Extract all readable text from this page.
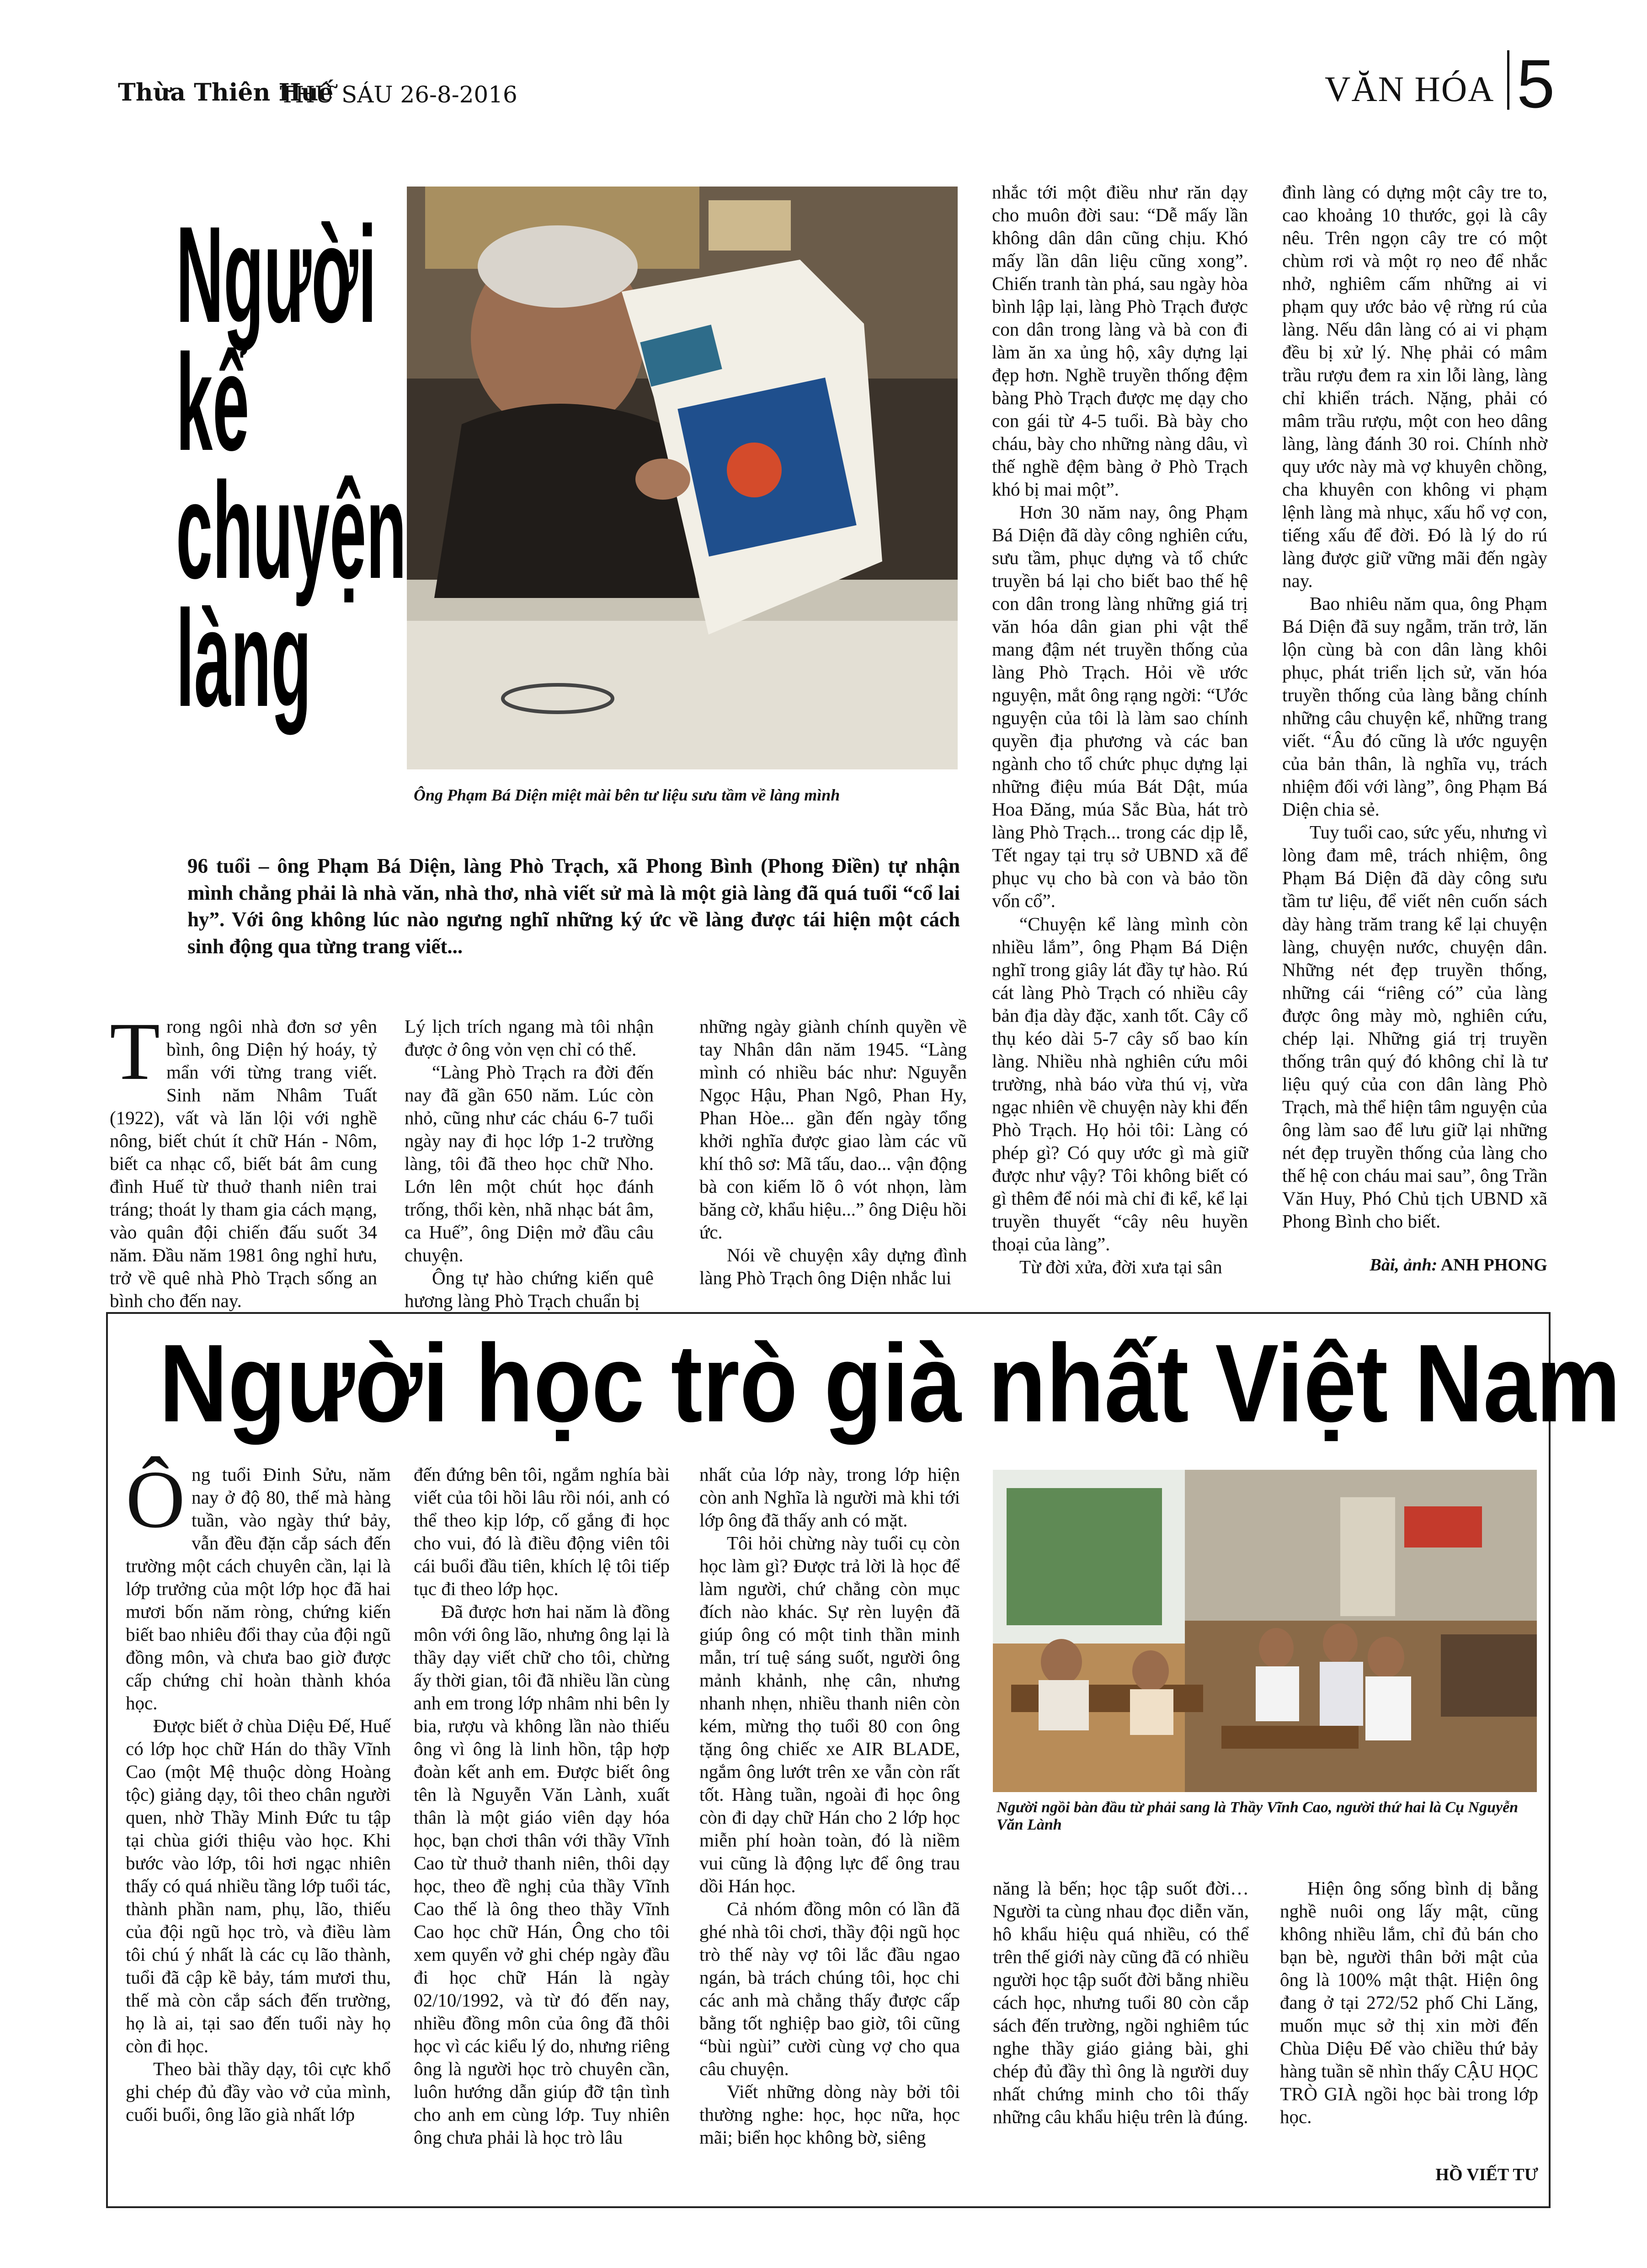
Thừa Thiên Huế
THỨ SÁU 26-8-2016	VĂN HÓA 5
Người
kể
chuyện
làng
Ông Phạm Bá Diện miệt mài bên tư liệu sưu tầm về làng mình
96 tuổi – ông Phạm Bá Diện, làng Phò Trạch, xã Phong Bình (Phong Điền) tự nhận mình chẳng phải là nhà văn, nhà thơ, nhà viết sử mà là một già làng đã quá tuổi “cổ lai hy”. Với ông không lúc nào ngưng nghĩ những ký ức về làng được tái hiện một cách sinh động qua từng trang viết...
T rong ngôi nhà đơn sơ yên bình, ông Diện hý hoáy, tỷ mẩn với từng trang viết. Sinh năm Nhâm Tuất (1922), vất và lăn lội với nghề nông, biết chút ít chữ Hán - Nôm, biết ca nhạc cổ, biết bát âm cung đình Huế từ thuở thanh niên trai tráng; thoát ly tham gia cách mạng, vào quân đội chiến đấu suốt 34 năm. Đầu năm 1981 ông nghỉ hưu, trở về quê nhà Phò Trạch sống an bình cho đến nay.

Lý lịch trích ngang mà tôi nhận được ở ông vỏn vẹn chỉ có thế.

“Làng Phò Trạch ra đời đến nay đã gần 650 năm. Lúc còn nhỏ, cũng như các cháu 6-7 tuổi ngày nay đi học lớp 1-2 trường làng, tôi đã theo học chữ Nho. Lớn lên một chút học đánh trống, thổi kèn, nhã nhạc bát âm, ca Huế”, ông Diện mở đầu câu chuyện.

Ông tự hào chứng kiến quê hương làng Phò Trạch chuẩn bị

những ngày giành chính quyền về tay Nhân dân năm 1945. “Làng mình có nhiều bác như: Nguyễn Ngọc Hậu, Phan Ngô, Phan Hy, Phan Hòe... gần đến ngày tổng khởi nghĩa được giao làm các vũ khí thô sơ: Mã tấu, dao... vận động bà con kiếm lõ ô vót nhọn, làm băng cờ, khẩu hiệu...” ông Diệu hồi ức.

Nói về chuyện xây dựng đình làng Phò Trạch ông Diện nhắc lui

nhắc tới một điều như răn dạy cho muôn đời sau: “Dễ mấy lần không dân dân cũng chịu. Khó mấy lần dân liệu cũng xong”. Chiến tranh tàn phá, sau ngày hòa bình lập lại, làng Phò Trạch được con dân trong làng và bà con đi làm ăn xa ủng hộ, xây dựng lại đẹp hơn. Nghề truyền thống đệm bàng Phò Trạch được mẹ dạy cho con gái từ 4-5 tuổi. Bà bày cho cháu, bày cho những nàng dâu, vì thế nghề đệm bàng ở Phò Trạch khó bị mai một”.

Hơn 30 năm nay, ông Phạm Bá Diện đã dày công nghiên cứu, sưu tầm, phục dựng và tổ chức truyền bá lại cho biết bao thế hệ con dân trong làng những giá trị văn hóa dân gian phi vật thể mang đậm nét truyền thống của làng Phò Trạch. Hỏi về ước nguyện, mắt ông rạng ngời: “Ước nguyện của tôi là làm sao chính quyền địa phương và các ban ngành cho tổ chức phục dựng lại những điệu múa Bát Dật, múa Hoa Đăng, múa Sắc Bùa, hát trò làng Phò Trạch... trong các dịp lễ, Tết ngay tại trụ sở UBND xã để phục vụ cho bà con và bảo tồn vốn cổ”.

“Chuyện kể làng mình còn nhiều lắm”, ông Phạm Bá Diện nghĩ trong giây lát đầy tự hào. Rú cát làng Phò Trạch có nhiều cây bản địa dày đặc, xanh tốt. Cây cổ thụ kéo dài 5-7 cây số bao kín làng. Nhiều nhà nghiên cứu môi trường, nhà báo vừa thú vị, vừa ngạc nhiên về chuyện này khi đến Phò Trạch. Họ hỏi tôi: Làng có phép gì? Có quy ước gì mà giữ được như vậy? Tôi không biết có gì thêm để nói mà chỉ đi kể, kể lại truyền thuyết “cây nêu huyền thoại của làng”.

Từ đời xửa, đời xưa tại sân

đình làng có dựng một cây tre to, cao khoảng 10 thước, gọi là cây nêu. Trên ngọn cây tre có một chùm rơi và một rọ neo để nhắc nhở, nghiêm cấm những ai vi phạm quy ước bảo vệ rừng rú của làng. Nếu dân làng có ai vi phạm đều bị xử lý. Nhẹ phải có mâm trầu rượu đem ra xin lỗi làng, làng chỉ khiển trách. Nặng, phải có mâm trầu rượu, một con heo dâng làng, làng đánh 30 roi. Chính nhờ quy ước này mà vợ khuyên chồng, cha khuyên con không vi phạm lệnh làng mà nhục, xấu hổ vợ con, tiếng xấu để đời. Đó là lý do rú làng được giữ vững mãi đến ngày nay.

Bao nhiêu năm qua, ông Phạm Bá Diện đã suy ngẫm, trăn trở, lăn lộn cùng bà con dân làng khôi phục, phát triển lịch sử, văn hóa truyền thống của làng bằng chính những câu chuyện kể, những trang viết. “Âu đó cũng là ước nguyện của bản thân, là nghĩa vụ, trách nhiệm đối với làng”, ông Phạm Bá Diện chia sẻ.

Tuy tuổi cao, sức yếu, nhưng vì lòng đam mê, trách nhiệm, ông Phạm Bá Diện đã dày công sưu tầm tư liệu, để viết nên cuốn sách dày hàng trăm trang kể lại chuyện làng, chuyện nước, chuyện dân. Những nét đẹp truyền thống, những cái “riêng có” của làng được ông mày mò, nghiên cứu, chép lại. Những giá trị truyền thống trân quý đó không chỉ là tư liệu quý của con dân làng Phò Trạch, mà thể hiện tâm nguyện của ông làm sao để lưu giữ lại những nét đẹp truyền thống của làng cho thế hệ con cháu mai sau”, ông Trần Văn Huy, Phó Chủ tịch UBND xã Phong Bình cho biết.

Bài, ảnh: ANH PHONG
Người học trò già nhất Việt Nam
Ô ng tuổi Đinh Sửu, năm nay ở độ 80, thế mà hàng tuần, vào ngày thứ bảy, vẫn đều đặn cắp sách đến trường một cách chuyên cần, lại là lớp trưởng của một lớp học đã hai mươi bốn năm ròng, chứng kiến biết bao nhiêu đổi thay của đội ngũ đồng môn, và chưa bao giờ được cấp chứng chỉ hoàn thành khóa học.

Được biết ở chùa Diệu Đế, Huế có lớp học chữ Hán do thầy Vĩnh Cao (một Mệ thuộc dòng Hoàng tộc) giảng dạy, tôi theo chân người quen, nhờ Thầy Minh Đức tu tập tại chùa giới thiệu vào học. Khi bước vào lớp, tôi hơi ngạc nhiên thấy có quá nhiều tầng lớp tuổi tác, thành phần nam, phụ, lão, thiếu của đội ngũ học trò, và điều làm tôi chú ý nhất là các cụ lão thành, tuổi đã cập kề bảy, tám mươi thu, thế mà còn cắp sách đến trường, họ là ai, tại sao đến tuổi này họ còn đi học.

Theo bài thầy dạy, tôi cực khổ ghi chép đủ đầy vào vở của mình, cuối buổi, ông lão già nhất lớp

đến đứng bên tôi, ngắm nghía bài viết của tôi hồi lâu rồi nói, anh có thể theo kịp lớp, cố gắng đi học cho vui, đó là điều động viên tôi cái buổi đầu tiên, khích lệ tôi tiếp tục đi theo lớp học.

Đã được hơn hai năm là đồng môn với ông lão, nhưng ông lại là thầy dạy viết chữ cho tôi, chừng ấy thời gian, tôi đã nhiều lần cùng anh em trong lớp nhâm nhi bên ly bia, rượu và không lần nào thiếu ông vì ông là linh hồn, tập hợp đoàn kết anh em. Được biết ông tên là Nguyễn Văn Lành, xuất thân là một giáo viên dạy hóa học, bạn chơi thân với thầy Vĩnh Cao từ thuở thanh niên, thôi dạy học, theo đề nghị của thầy Vĩnh Cao thế là ông theo thầy Vĩnh Cao học chữ Hán, Ông cho tôi xem quyển vở ghi chép ngày đầu đi học chữ Hán là ngày 02/10/1992, và từ đó đến nay, nhiều đồng môn của ông đã thôi học vì các kiểu lý do, nhưng riêng ông là người học trò chuyên cần, luôn hướng dẫn giúp đỡ tận tình cho anh em cùng lớp. Tuy nhiên ông chưa phải là học trò lâu

nhất của lớp này, trong lớp hiện còn anh Nghĩa là người mà khi tới lớp ông đã thấy anh có mặt.

Tôi hỏi chừng này tuổi cụ còn học làm gì? Được trả lời là học để làm người, chứ chẳng còn mục đích nào khác. Sự rèn luyện đã giúp ông có một tinh thần minh mẫn, trí tuệ sáng suốt, người ông mảnh khảnh, nhẹ cân, nhưng nhanh nhẹn, nhiều thanh niên còn kém, mừng thọ tuổi 80 con ông tặng ông chiếc xe AIR BLADE, ngắm ông lướt trên xe vẫn còn rất tốt. Hàng tuần, ngoài đi học ông còn đi dạy chữ Hán cho 2 lớp học miễn phí hoàn toàn, đó là niềm vui cũng là động lực để ông trau dồi Hán học.

Cả nhóm đồng môn có lần đã ghé nhà tôi chơi, thầy đội ngũ học trò thế này vợ tôi lắc đầu ngao ngán, bà trách chúng tôi, học chi các anh mà chẳng thấy được cấp bằng tốt nghiệp bao giờ, tôi cũng “bùi ngùi” cười cùng vợ cho qua câu chuyện.

Viết những dòng này bởi tôi thường nghe: học, học nữa, học mãi; biển học không bờ, siêng

Người ngồi bàn đầu từ phải sang là Thầy Vĩnh Cao, người thứ hai là Cụ Nguyễn Văn Lành

năng là bến; học tập suốt đời… Người ta cùng nhau đọc diễn văn, hô khẩu hiệu quá nhiều, có thể trên thế giới này cũng đã có nhiều người học tập suốt đời bằng nhiều cách học, nhưng tuổi 80 còn cắp sách đến trường, ngồi nghiêm túc nghe thầy giáo giảng bài, ghi chép đủ đầy thì ông là người duy nhất chứng minh cho tôi thấy những câu khẩu hiệu trên là đúng.

Hiện ông sống bình dị bằng nghề nuôi ong lấy mật, cũng không nhiều lắm, chỉ đủ bán cho bạn bè, người thân bởi mật của ông là 100% mật thật. Hiện ông đang ở tại 272/52 phố Chi Lăng, muốn mục sở thị xin mời đến Chùa Diệu Đế vào chiều thứ bảy hàng tuần sẽ nhìn thấy CẬU HỌC TRÒ GIÀ ngồi học bài trong lớp học.

HỒ VIẾT TƯ
